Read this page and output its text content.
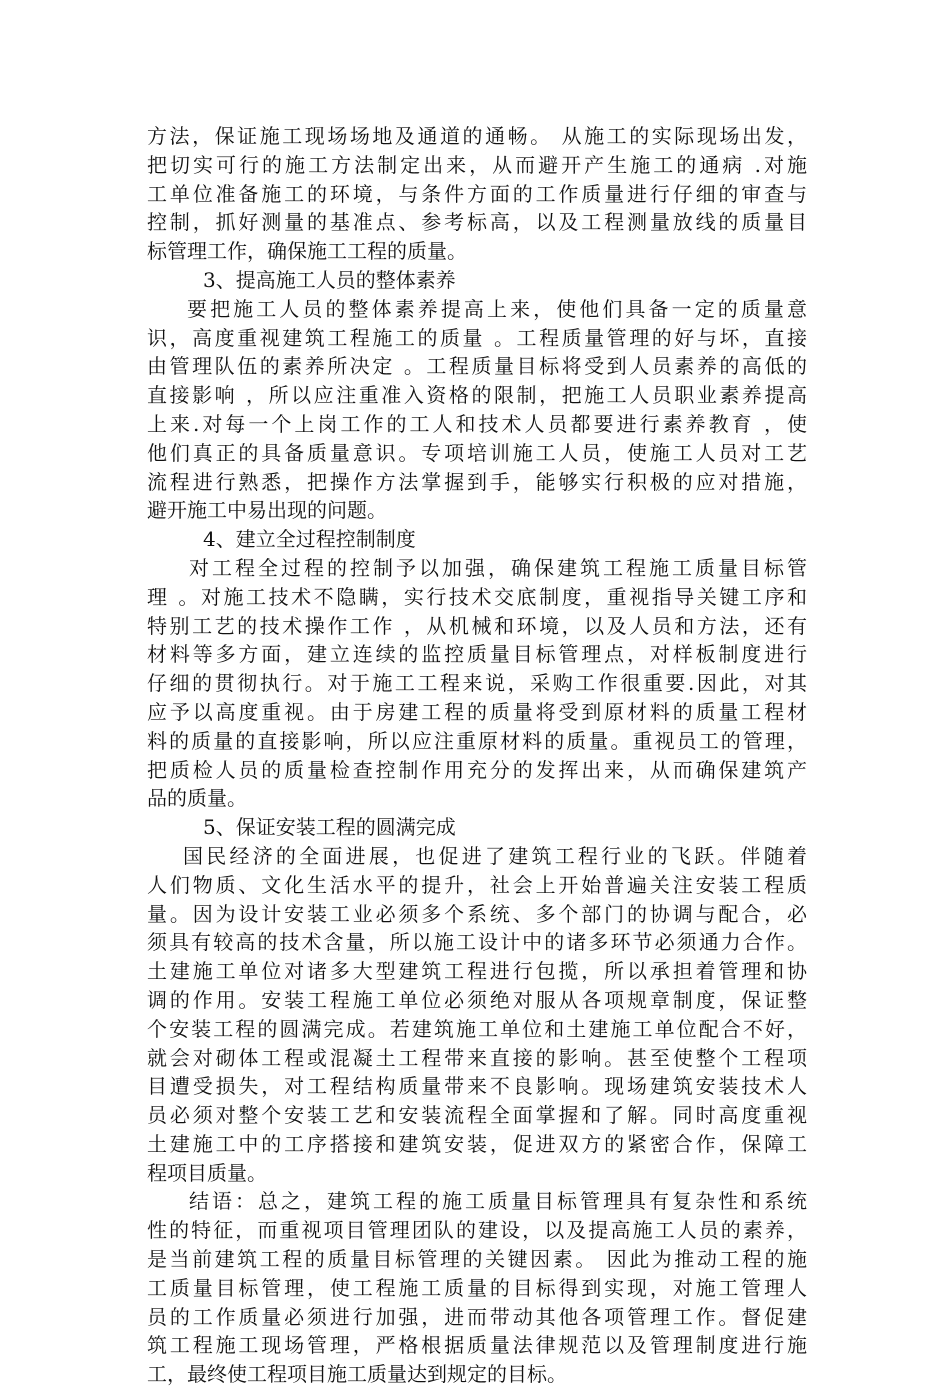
方法，保证施工现场场地及通道的通畅。 从施工的实际现场出发，
把切实可行的施工方法制定出来，从而避开产生施工的通病 .对施
工单位准备施工的环境，与条件方面的工作质量进行仔细的审查与
控制，抓好测量的基准点、参考标高，以及工程测量放线的质量目
标管理工作，确保施工工程的质量。
3、提高施工人员的整体素养
要把施工人员的整体素养提高上来，使他们具备一定的质量意
识，高度重视建筑工程施工的质量 。工程质量管理的好与坏，直接
由管理队伍的素养所决定 。工程质量目标将受到人员素养的高低的
直接影响 ，所以应注重准入资格的限制，把施工人员职业素养提高
上来.对每一个上岗工作的工人和技术人员都要进行素养教育 ，使
他们真正的具备质量意识。专项培训施工人员，使施工人员对工艺
流程进行熟悉，把操作方法掌握到手，能够实行积极的应对措施，
避开施工中易出现的问题。
4、建立全过程控制制度
对工程全过程的控制予以加强，确保建筑工程施工质量目标管
理 。对施工技术不隐瞒，实行技术交底制度，重视指导关键工序和
特别工艺的技术操作工作 ，从机械和环境，以及人员和方法，还有
材料等多方面，建立连续的监控质量目标管理点，对样板制度进行
仔细的贯彻执行。对于施工工程来说，采购工作很重要.因此，对其
应予以高度重视。由于房建工程的质量将受到原材料的质量工程材
料的质量的直接影响，所以应注重原材料的质量。重视员工的管理，
把质检人员的质量检查控制作用充分的发挥出来，从而确保建筑产
品的质量。
5、保证安装工程的圆满完成
国民经济的全面进展，也促进了建筑工程行业的飞跃。伴随着
人们物质、文化生活水平的提升，社会上开始普遍关注安装工程质
量。因为设计安装工业必须多个系统、多个部门的协调与配合，必
须具有较高的技术含量，所以施工设计中的诸多环节必须通力合作。
土建施工单位对诸多大型建筑工程进行包揽，所以承担着管理和协
调的作用。安装工程施工单位必须绝对服从各项规章制度，保证整
个安装工程的圆满完成。若建筑施工单位和土建施工单位配合不好，
就会对砌体工程或混凝土工程带来直接的影响。甚至使整个工程项
目遭受损失，对工程结构质量带来不良影响。现场建筑安装技术人
员必须对整个安装工艺和安装流程全面掌握和了解。同时高度重视
土建施工中的工序搭接和建筑安装，促进双方的紧密合作，保障工
程项目质量。
结语：总之，建筑工程的施工质量目标管理具有复杂性和系统
性的特征，而重视项目管理团队的建设，以及提高施工人员的素养，
是当前建筑工程的质量目标管理的关键因素。 因此为推动工程的施
工质量目标管理，使工程施工质量的目标得到实现，对施工管理人
员的工作质量必须进行加强，进而带动其他各项管理工作。督促建
筑工程施工现场管理，严格根据质量法律规范以及管理制度进行施
工，最终使工程项目施工质量达到规定的目标。
